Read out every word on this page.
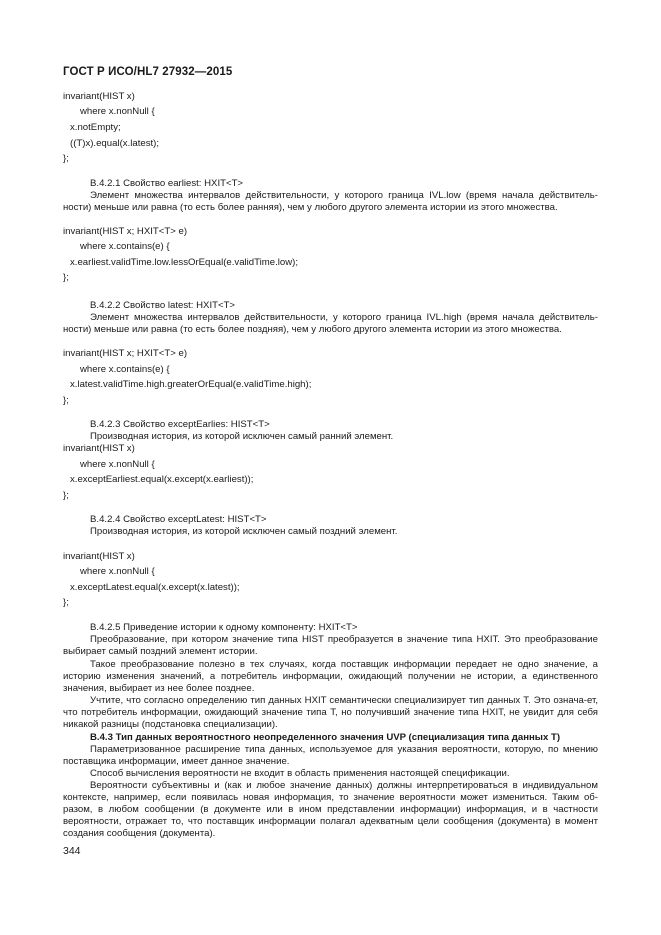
ГОСТ Р ИСО/HL7 27932—2015
invariant(HIST x)
where x.nonNull {
x.notEmpty;
((T)x).equal(x.latest);
};
B.4.2.1 Свойство earliest: HXIT<T>
Элемент множества интервалов действительности, у которого граница IVL.low (время начала действитель-ности) меньше или равна (то есть более ранняя), чем у любого другого элемента истории из этого множества.
invariant(HIST x; HXIT<T> e)
where x.contains(e) {
x.earliest.validTime.low.lessOrEqual(e.validTime.low);
};
B.4.2.2 Свойство latest: HXIT<T>
Элемент множества интервалов действительности, у которого граница IVL.high (время начала действитель-ности) меньше или равна (то есть более поздняя), чем у любого другого элемента истории из этого множества.
invariant(HIST x; HXIT<T> e)
where x.contains(e) {
x.latest.validTime.high.greaterOrEqual(e.validTime.high);
};
B.4.2.3 Свойство exceptEarlies: HIST<T>
Производная история, из которой исключен самый ранний элемент.
invariant(HIST x)
where x.nonNull {
x.exceptEarliest.equal(x.except(x.earliest));
};
B.4.2.4 Свойство exceptLatest: HIST<T>
Производная история, из которой исключен самый поздний элемент.
invariant(HIST x)
where x.nonNull {
x.exceptLatest.equal(x.except(x.latest));
};
B.4.2.5 Приведение истории к одному компоненту: HXIT<T>
Преобразование, при котором значение типа HIST преобразуется в значение типа HXIT. Это преобразование выбирает самый поздний элемент истории.
Такое преобразование полезно в тех случаях, когда поставщик информации передает не одно значение, а историю изменения значений, а потребитель информации, ожидающий получении не истории, а единственного значения, выбирает из нее более позднее.
Учтите, что согласно определению тип данных HXIT семантически специализирует тип данных T. Это означа-ет, что потребитель информации, ожидающий значение типа T, но получивший значение типа HXIT, не увидит для себя никакой разницы (подстановка специализации).
B.4.3 Тип данных вероятностного неопределенного значения UVP (специализация типа данных T)
Параметризованное расширение типа данных, используемое для указания вероятности, которую, по мнению поставщика информации, имеет данное значение.
Способ вычисления вероятности не входит в область применения настоящей спецификации.
Вероятности субъективны и (как и любое значение данных) должны интерпретироваться в индивидуальном контексте, например, если появилась новая информация, то значение вероятности может измениться. Таким об-разом, в любом сообщении (в документе или в ином представлении информации) информация, и в частности вероятности, отражает то, что поставщик информации полагал адекватным цели сообщения (документа) в момент создания сообщения (документа).
344
